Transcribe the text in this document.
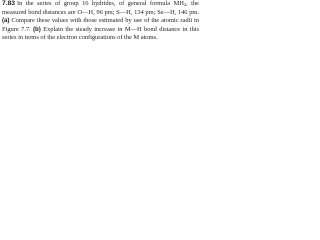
7.83 In the series of group 16 hydrides, of general formula $MH_2$, the measured bond distances are O—H, 96 pm; S—H, 134 pm; Se—H, 146 pm. (a) Compare these values with those estimated by use of the atomic radii in Figure 7.7. (b) Explain the steady increase in M—H bond distance in this series in terms of the electron configurations of the M atoms.
